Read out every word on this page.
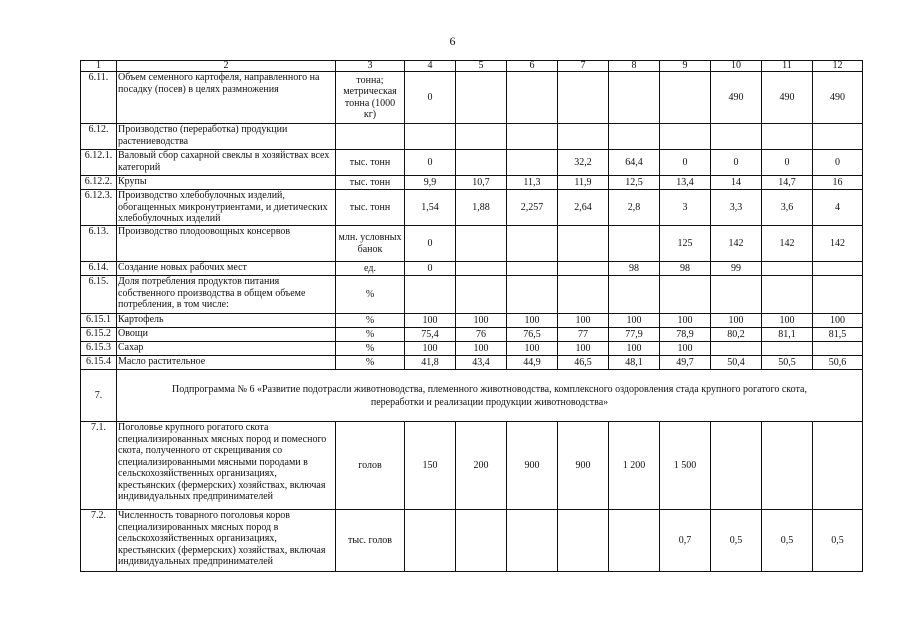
6
1	2	3	4	5	6	7	8	9	10	11	12
6.11.	Объем семенного картофеля, направленного на посадку (посев) в целях размножения	тонна; метрическая тонна (1000 кг)	0						490	490	490
6.12.	Производство (переработка) продукции растениеводства										
6.12.1.	Валовый сбор сахарной свеклы в хозяйствах всех категорий	тыс. тонн	0			32,2	64,4	0	0	0	0
6.12.2.	Крупы	тыс. тонн	9,9	10,7	11,3	11,9	12,5	13,4	14	14,7	16
6.12.3.	Производство хлебобулочных изделий, обогащенных микронутриентами, и диетических хлебобулочных изделий	тыс. тонн	1,54	1,88	2,257	2,64	2,8	3	3,3	3,6	4
6.13.	Производство плодоовощных консервов	млн. условных банок	0					125	142	142	142
6.14.	Создание новых рабочих мест	ед.	0				98	98	99		
6.15.	Доля потребления продуктов питания собственного производства в общем объеме потребления, в том числе:	%									
6.15.1	Картофель	%	100	100	100	100	100	100	100	100	100
6.15.2	Овощи	%	75,4	76	76,5	77	77,9	78,9	80,2	81,1	81,5
6.15.3	Сахар	%	100	100	100	100	100	100			
6.15.4	Масло растительное	%	41,8	43,4	44,9	46,5	48,1	49,7	50,4	50,5	50,6
7.	Подпрограмма № 6 «Развитие подотрасли животноводства, племенного животноводства, комплексного оздоровления стада крупного рогатого скота, переработки и реализации продукции животноводства»										
7.1.	Поголовье крупного рогатого скота специализированных мясных пород и помесного скота, полученного от скрещивания со специализированными мясными породами в сельскохозяйственных организациях, крестьянских (фермерских) хозяйствах, включая индивидуальных предпринимателей	голов	150	200	900	900	1 200	1 500			
7.2.	Численность товарного поголовья коров специализированных мясных пород в сельскохозяйственных организациях, крестьянских (фермерских) хозяйствах, включая индивидуальных предпринимателей	тыс. голов						0,7	0,5	0,5	0,5
